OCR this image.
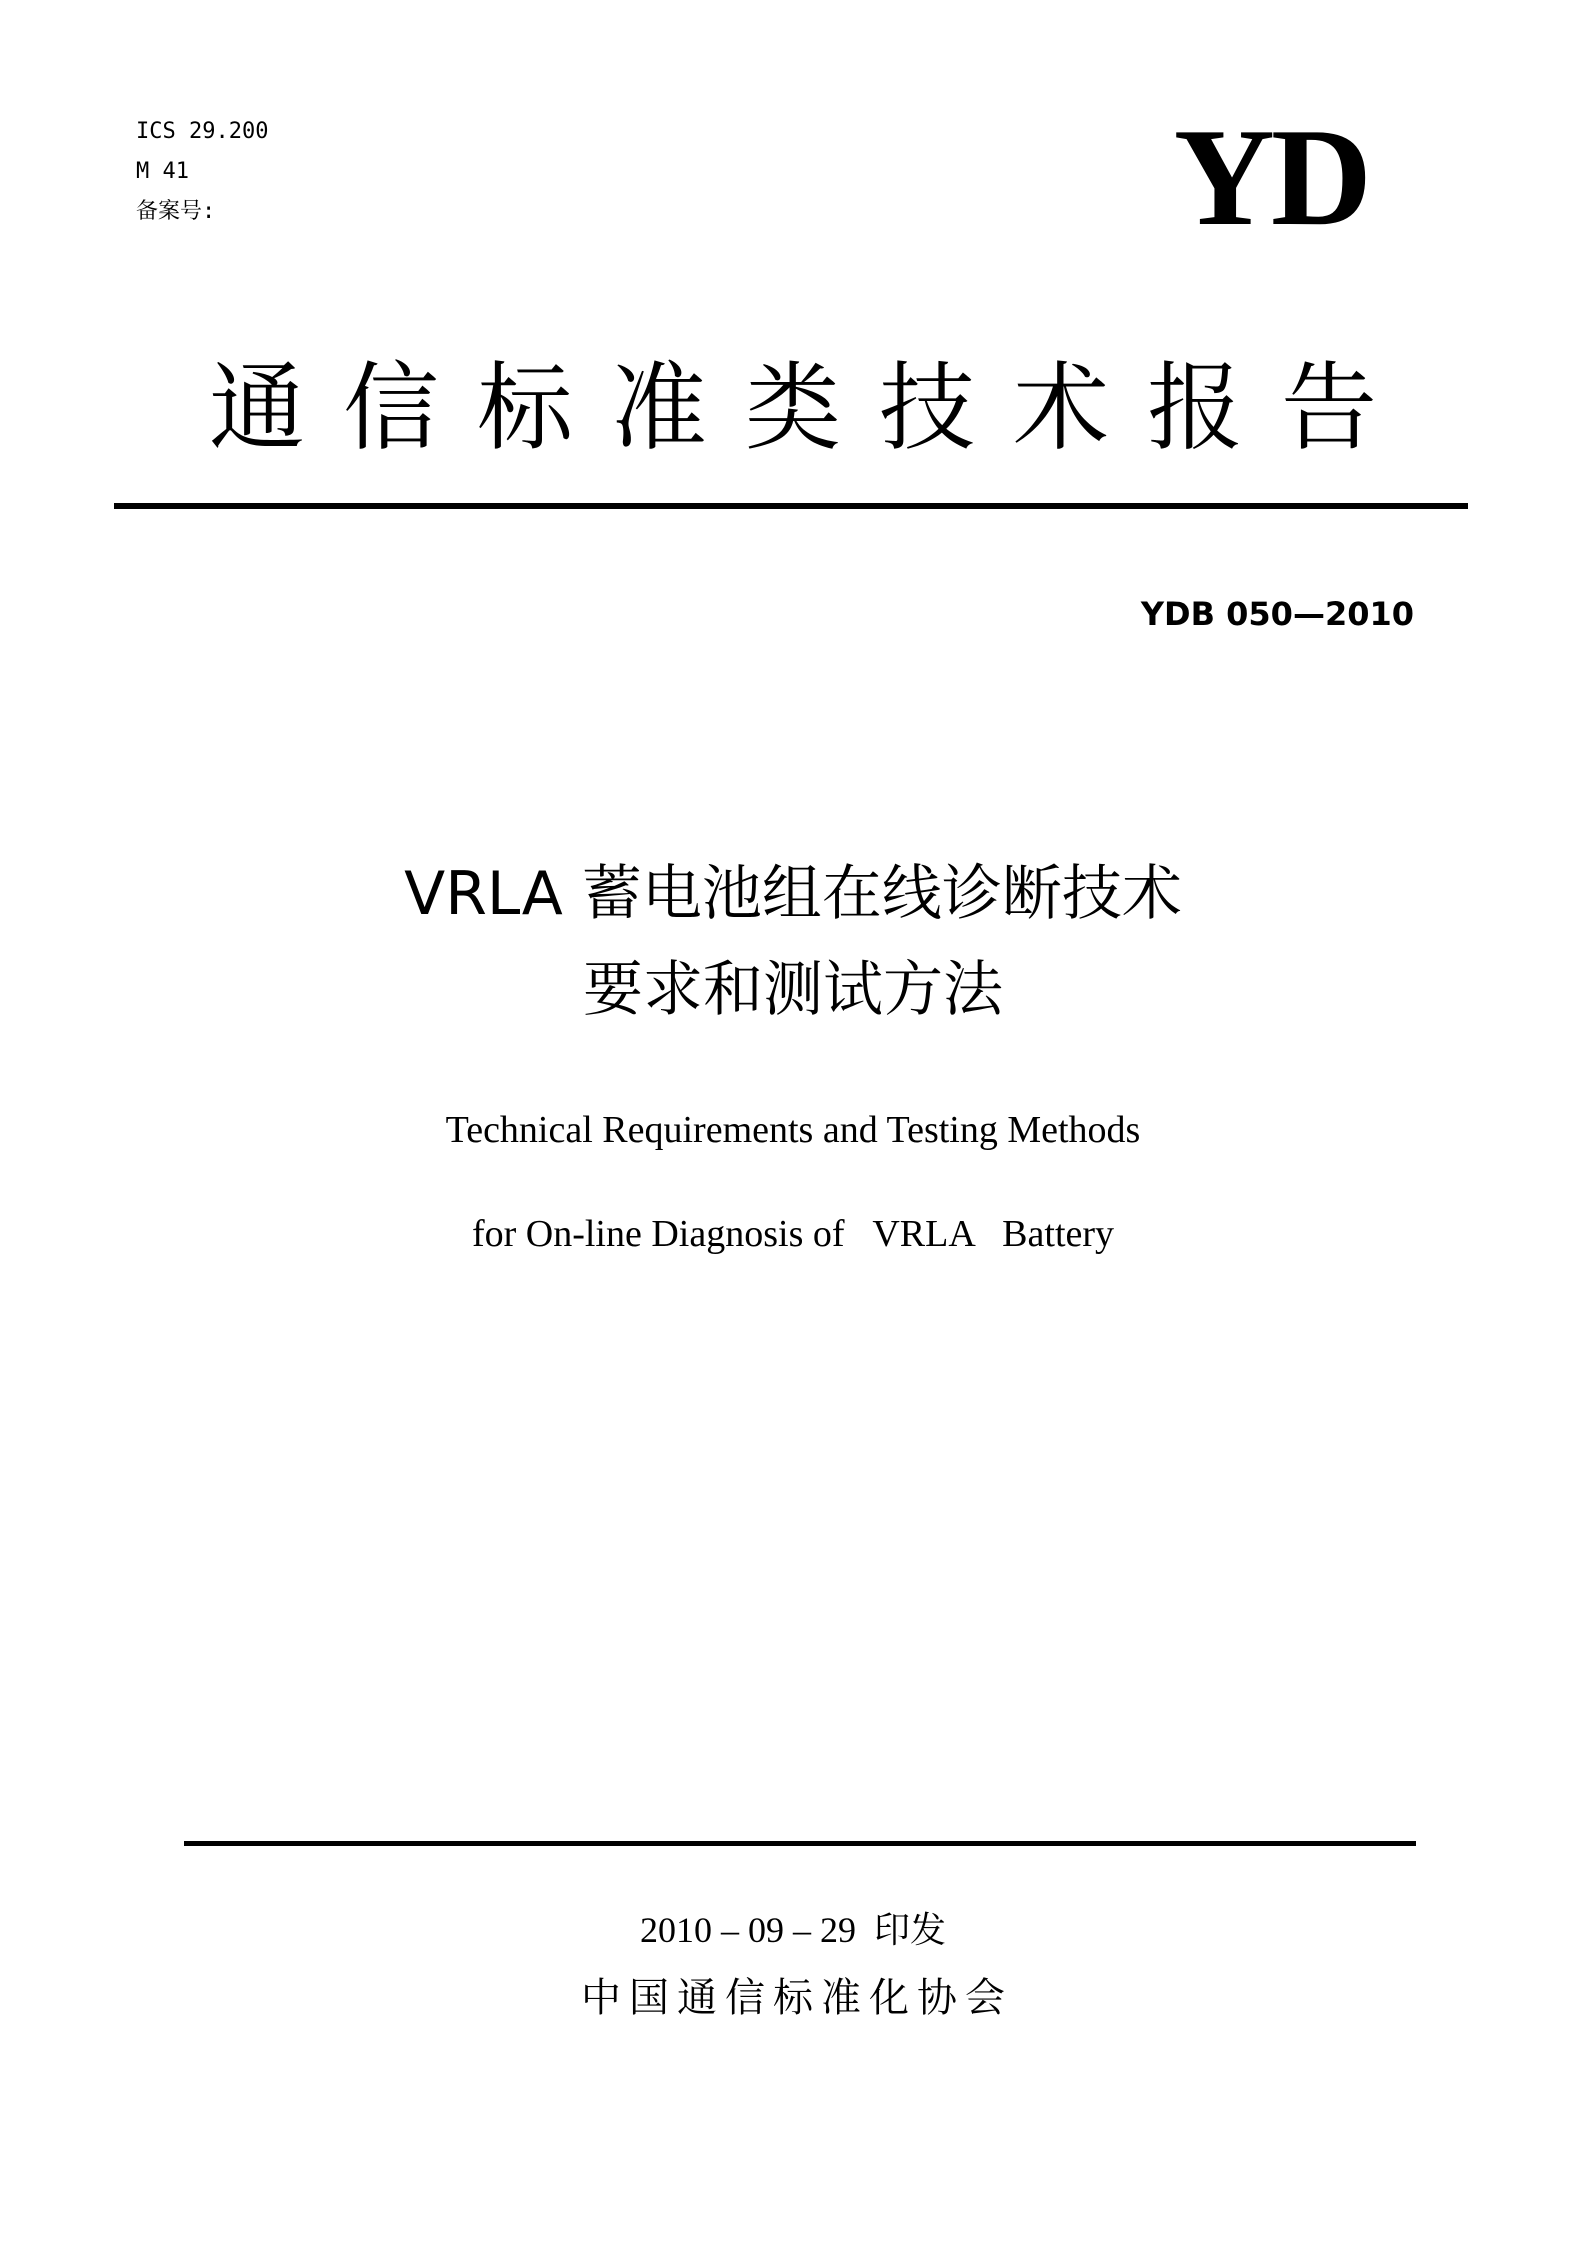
ICS 29.200
M 41
备案号:	YD
通信标准类技术报告
YDB 050—2010
VRLA 蓄电池组在线诊断技术
要求和测试方法
Technical Requirements and Testing Methods
for On-line Diagnosis of   VRLA   Battery
2010 – 09 – 29  印发
中国通信标准化协会
